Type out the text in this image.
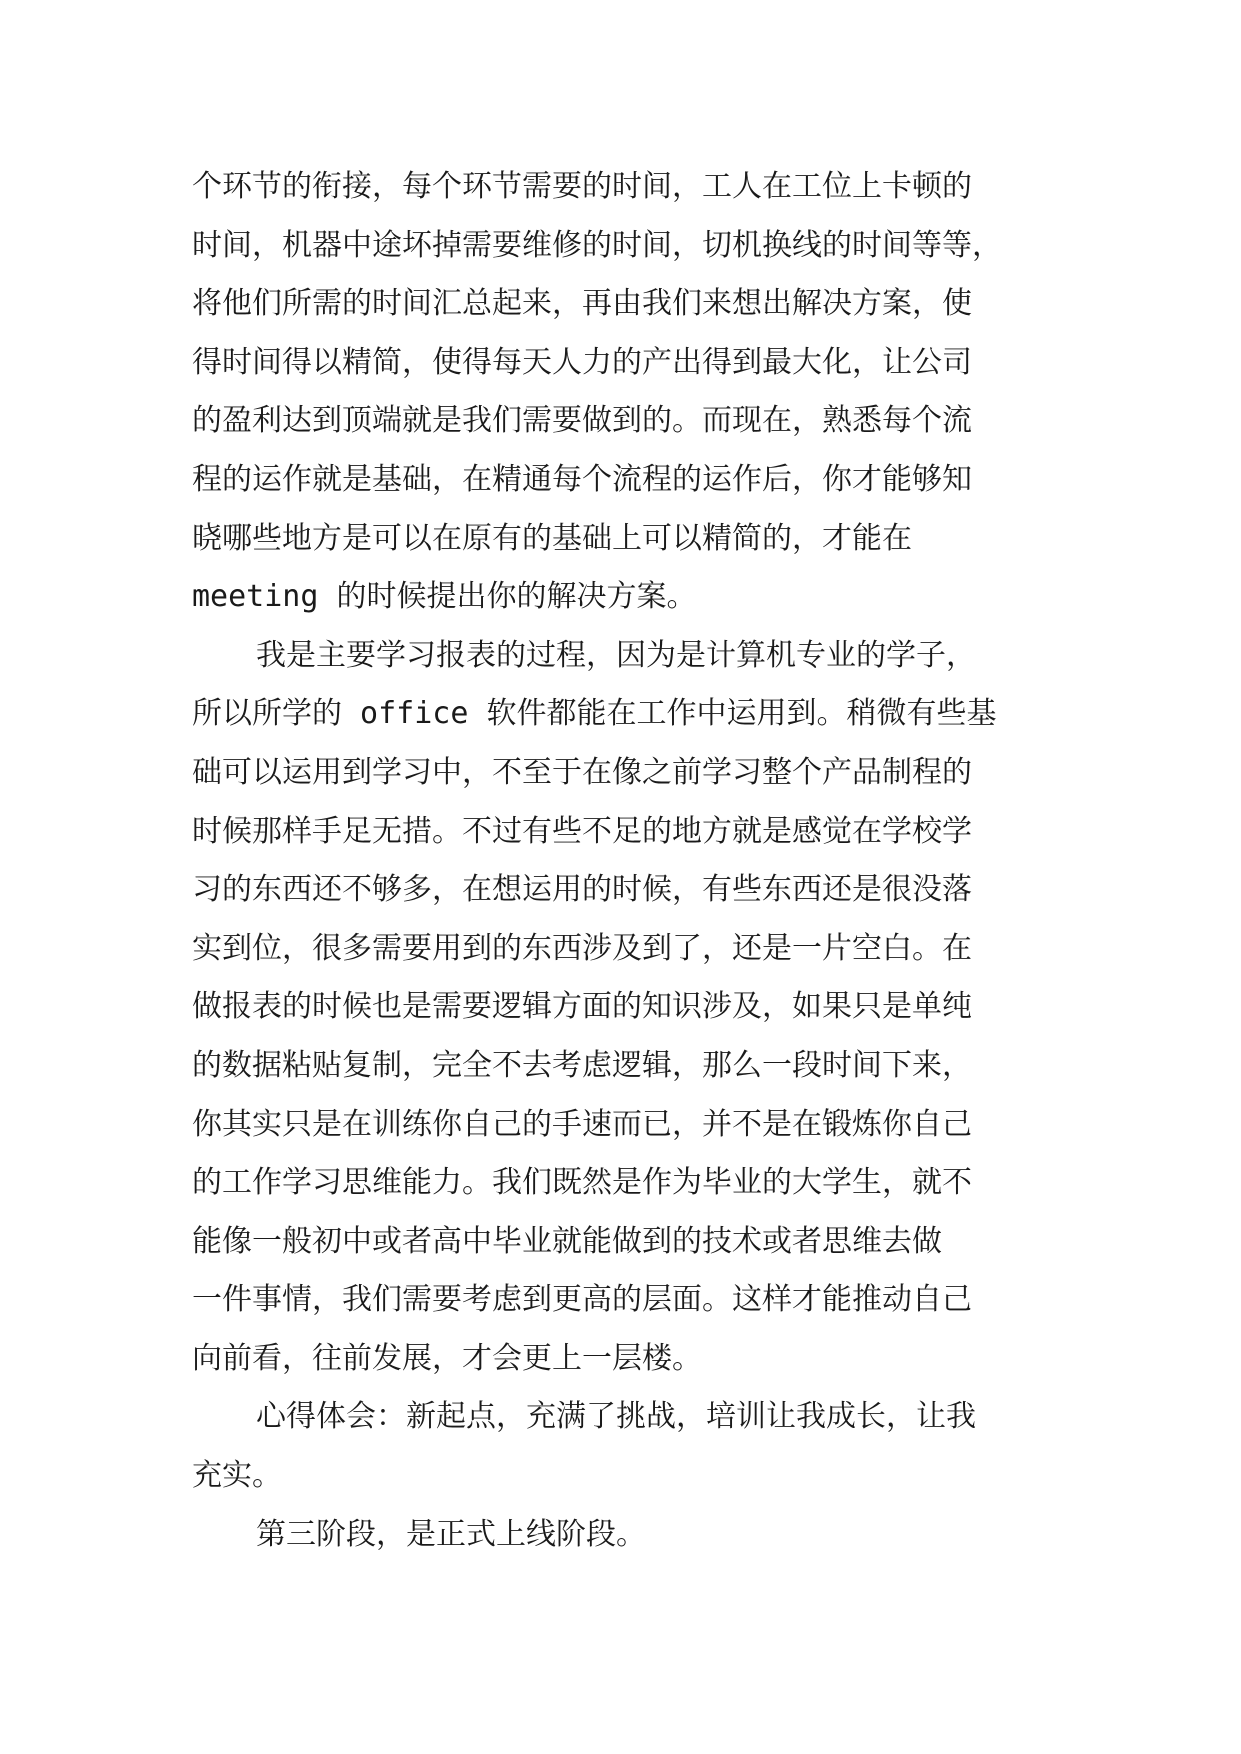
个环节的衔接，每个环节需要的时间，工人在工位上卡顿的
时间，机器中途坏掉需要维修的时间，切机换线的时间等等，
将他们所需的时间汇总起来，再由我们来想出解决方案，使
得时间得以精简，使得每天人力的产出得到最大化，让公司
的盈利达到顶端就是我们需要做到的。而现在，熟悉每个流
程的运作就是基础，在精通每个流程的运作后，你才能够知
晓哪些地方是可以在原有的基础上可以精简的，才能在
meeting 的时候提出你的解决方案。
我是主要学习报表的过程，因为是计算机专业的学子，
所以所学的 office 软件都能在工作中运用到。稍微有些基
础可以运用到学习中，不至于在像之前学习整个产品制程的
时候那样手足无措。不过有些不足的地方就是感觉在学校学
习的东西还不够多，在想运用的时候，有些东西还是很没落
实到位，很多需要用到的东西涉及到了，还是一片空白。在
做报表的时候也是需要逻辑方面的知识涉及，如果只是单纯
的数据粘贴复制，完全不去考虑逻辑，那么一段时间下来，
你其实只是在训练你自己的手速而已，并不是在锻炼你自己
的工作学习思维能力。我们既然是作为毕业的大学生，就不
能像一般初中或者高中毕业就能做到的技术或者思维去做
一件事情，我们需要考虑到更高的层面。这样才能推动自己
向前看，往前发展，才会更上一层楼。
心得体会：新起点，充满了挑战，培训让我成长，让我
充实。
第三阶段，是正式上线阶段。
